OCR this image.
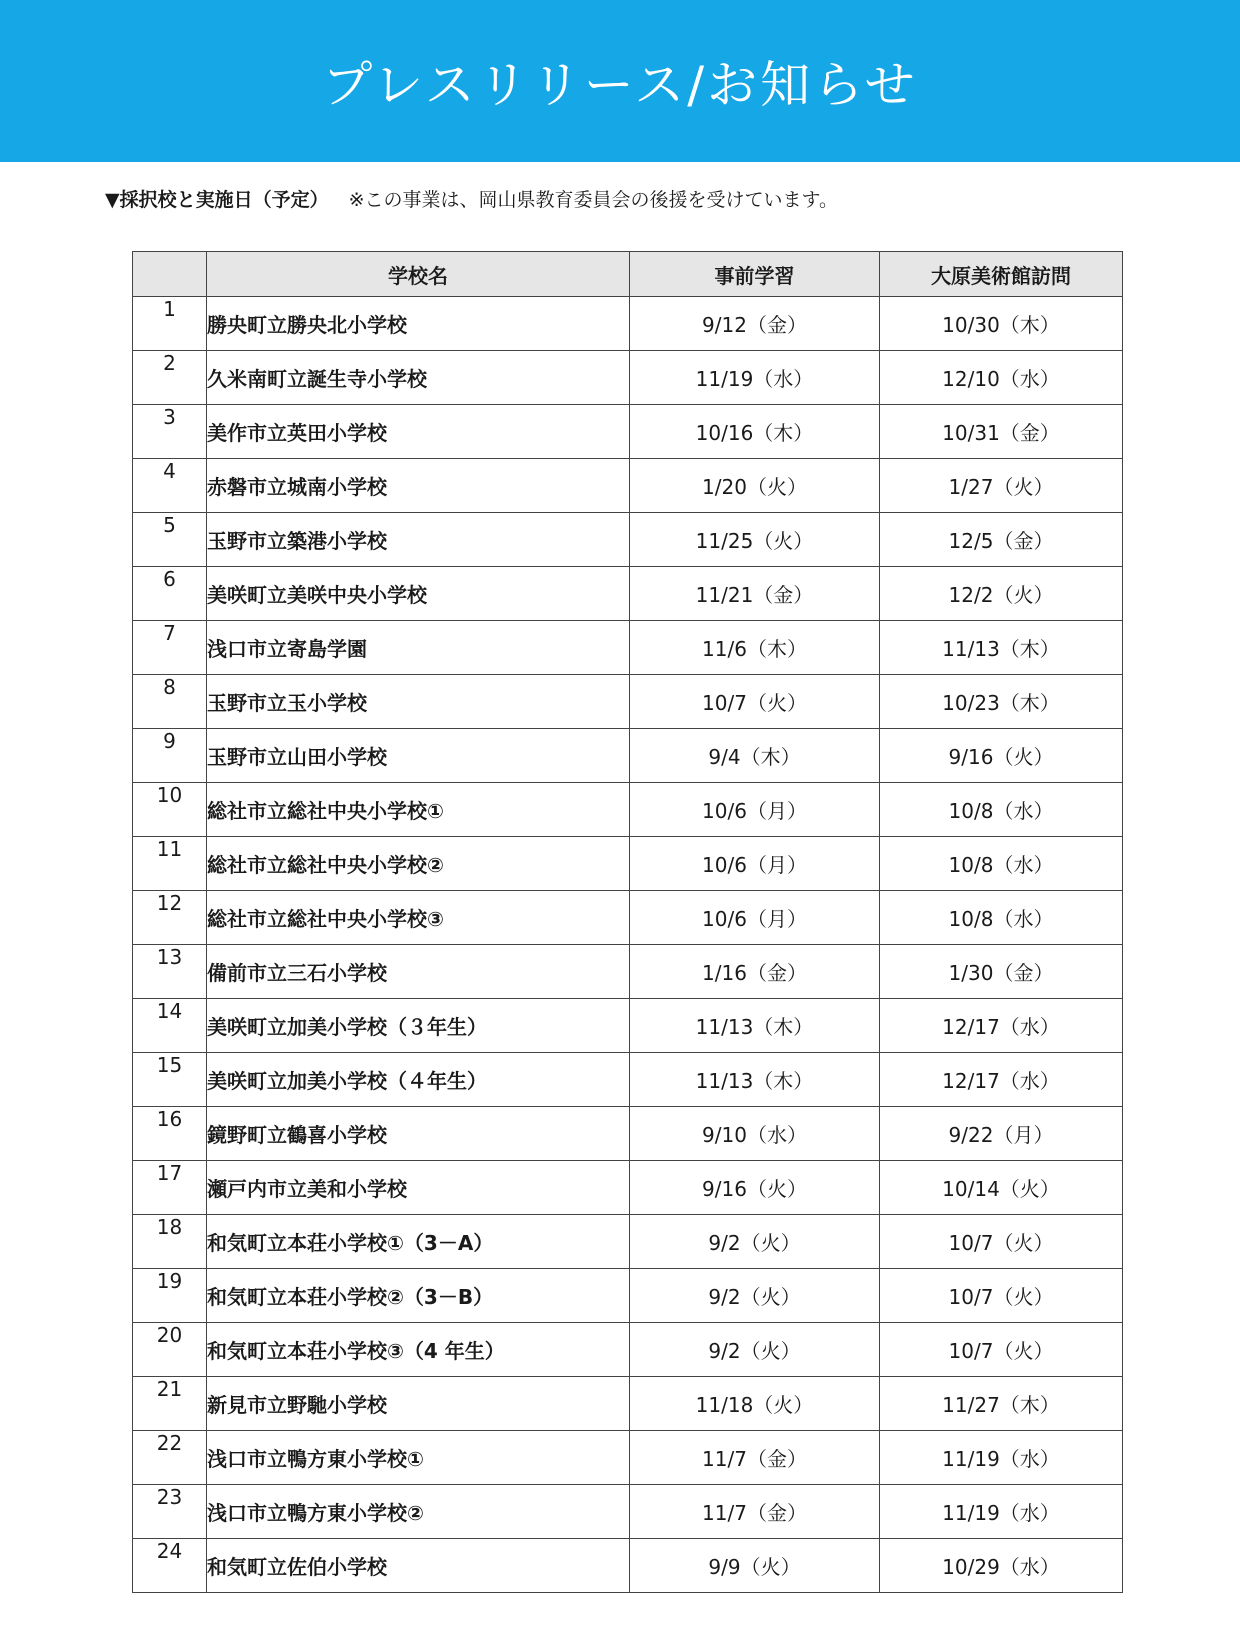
プレスリリース/お知らせ
▼採択校と実施日（予定） ※この事業は、岡山県教育委員会の後援を受けています。
	学校名	事前学習	大原美術館訪問
1	勝央町立勝央北小学校	9/12（金）	10/30（木）
2	久米南町立誕生寺小学校	11/19（水）	12/10（水）
3	美作市立英田小学校	10/16（木）	10/31（金）
4	赤磐市立城南小学校	1/20（火）	1/27（火）
5	玉野市立築港小学校	11/25（火）	12/5（金）
6	美咲町立美咲中央小学校	11/21（金）	12/2（火）
7	浅口市立寄島学園	11/6（木）	11/13（木）
8	玉野市立玉小学校	10/7（火）	10/23（木）
9	玉野市立山田小学校	9/4（木）	9/16（火）
10	総社市立総社中央小学校①	10/6（月）	10/8（水）
11	総社市立総社中央小学校②	10/6（月）	10/8（水）
12	総社市立総社中央小学校③	10/6（月）	10/8（水）
13	備前市立三石小学校	1/16（金）	1/30（金）
14	美咲町立加美小学校（３年生）	11/13（木）	12/17（水）
15	美咲町立加美小学校（４年生）	11/13（木）	12/17（水）
16	鏡野町立鶴喜小学校	9/10（水）	9/22（月）
17	瀬戸内市立美和小学校	9/16（火）	10/14（火）
18	和気町立本荘小学校①（3－A）	9/2（火）	10/7（火）
19	和気町立本荘小学校②（3－B）	9/2（火）	10/7（火）
20	和気町立本荘小学校③（4 年生）	9/2（火）	10/7（火）
21	新見市立野馳小学校	11/18（火）	11/27（木）
22	浅口市立鴨方東小学校①	11/7（金）	11/19（水）
23	浅口市立鴨方東小学校②	11/7（金）	11/19（水）
24	和気町立佐伯小学校	9/9（火）	10/29（水）
